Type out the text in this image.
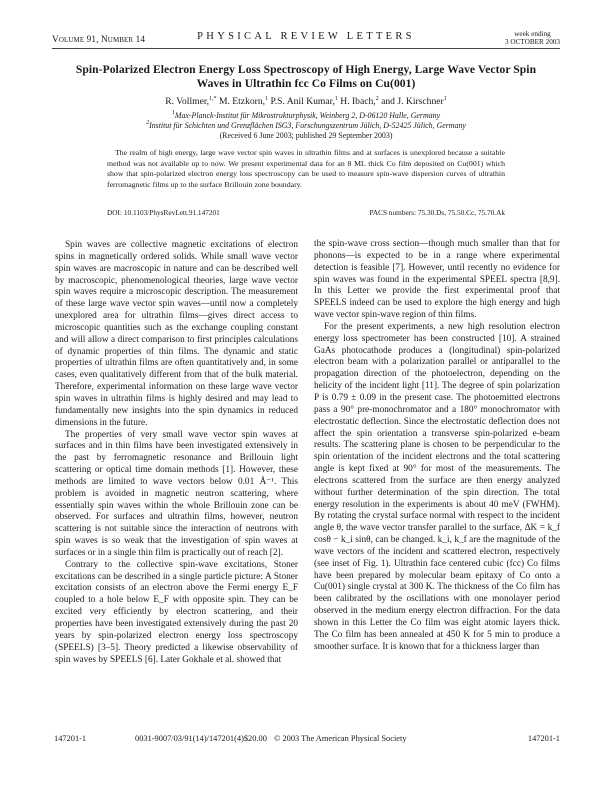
Volume 91, Number 14	PHYSICAL REVIEW LETTERS	week ending
3 OCTOBER 2003
Spin-Polarized Electron Energy Loss Spectroscopy of High Energy, Large Wave Vector Spin
Waves in Ultrathin fcc Co Films on Cu(001)
R. Vollmer,$^{1,*}$ M. Etzkorn,$^1$ P.S. Anil Kumar,$^1$ H. Ibach,$^2$ and J. Kirschner$^1$
$^1$Max-Planck-Institut für Mikrostrukturphysik, Weinberg 2, D-06120 Halle, Germany
$^2$Institut für Schichten und Grenzflächen ISG3, Forschungszentrum Jülich, D-52425 Jülich, Germany
(Received 6 June 2003; published 29 September 2003)
The realm of high energy, large wave vector spin waves in ultrathin films and at surfaces is unexplored because a suitable method was not available up to now. We present experimental data for an 8 ML thick Co film deposited on Cu(001) which show that spin-polarized electron energy loss spectroscopy can be used to measure spin-wave dispersion curves of ultrathin ferromagnetic films up to the surface Brillouin zone boundary.
DOI: 10.1103/PhysRevLett.91.147201	PACS numbers: 75.30.Ds, 75.50.Cc, 75.70.Ak

Spin waves are collective magnetic excitations of electron spins in magnetically ordered solids. While small wave vector spin waves are macroscopic in nature and can be described well by macroscopic, phenomenological theories, large wave vector spin waves require a microscopic description. The measurement of these large wave vector spin waves—until now a completely unexplored area for ultrathin films—gives direct access to microscopic quantities such as the exchange coupling constant and will allow a direct comparison to first principles calculations of dynamic properties of thin films. The dynamic and static properties of ultrathin films are often quantitatively and, in some cases, even qualitatively different from that of the bulk material. Therefore, experimental information on these large wave vector spin waves in ultrathin films is highly desired and may lead to fundamentally new insights into the spin dynamics in reduced dimensions in the future.

The properties of very small wave vector spin waves at surfaces and in thin films have been investigated extensively in the past by ferromagnetic resonance and Brillouin light scattering or optical time domain methods [1]. However, these methods are limited to wave vectors below 0.01 Å⁻¹. This problem is avoided in magnetic neutron scattering, where essentially spin waves within the whole Brillouin zone can be observed. For surfaces and ultrathin films, however, neutron scattering is not suitable since the interaction of neutrons with spin waves is so weak that the investigation of spin waves at surfaces or in a single thin film is practically out of reach [2].

Contrary to the collective spin-wave excitations, Stoner excitations can be described in a single particle picture: A Stoner excitation consists of an electron above the Fermi energy E_F coupled to a hole below E_F with opposite spin. They can be excited very efficiently by electron scattering, and their properties have been investigated extensively during the past 20 years by spin-polarized electron energy loss spectroscopy (SPEELS) [3–5]. Theory predicted a likewise observability of spin waves by SPEELS [6]. Later Gokhale et al. showed that

the spin-wave cross section—though much smaller than that for phonons—is expected to be in a range where experimental detection is feasible [7]. However, until recently no evidence for spin waves was found in the experimental SPEEL spectra [8,9]. In this Letter we provide the first experimental proof that SPEELS indeed can be used to explore the high energy and high wave vector spin-wave region of thin films.

For the present experiments, a new high resolution electron energy loss spectrometer has been constructed [10]. A strained GaAs photocathode produces a (longitudinal) spin-polarized electron beam with a polarization parallel or antiparallel to the propagation direction of the photoelectron, depending on the helicity of the incident light [11]. The degree of spin polarization P is 0.79 ± 0.09 in the present case. The photoemitted electrons pass a 90° pre-monochromator and a 180° monochromator with electrostatic deflection. Since the electrostatic deflection does not affect the spin orientation a transverse spin-polarized e-beam results. The scattering plane is chosen to be perpendicular to the spin orientation of the incident electrons and the total scattering angle is kept fixed at 90° for most of the measurements. The electrons scattered from the surface are then energy analyzed without further determination of the spin direction. The total energy resolution in the experiments is about 40 meV (FWHM). By rotating the crystal surface normal with respect to the incident angle θ, the wave vector transfer parallel to the surface, ΔK = k_f cosθ − k_i sinθ, can be changed. k_i, k_f are the magnitude of the wave vectors of the incident and scattered electron, respectively (see inset of Fig. 1). Ultrathin face centered cubic (fcc) Co films have been prepared by molecular beam epitaxy of Co onto a Cu(001) single crystal at 300 K. The thickness of the Co film has been calibrated by the oscillations with one monolayer period observed in the medium energy electron diffraction. For the data shown in this Letter the Co film was eight atomic layers thick. The Co film has been annealed at 450 K for 5 min to produce a smoother surface. It is known that for a thickness larger than

147201-1	0031-9007/03/91(14)/147201(4)$20.00 © 2003 The American Physical Society	147201-1
